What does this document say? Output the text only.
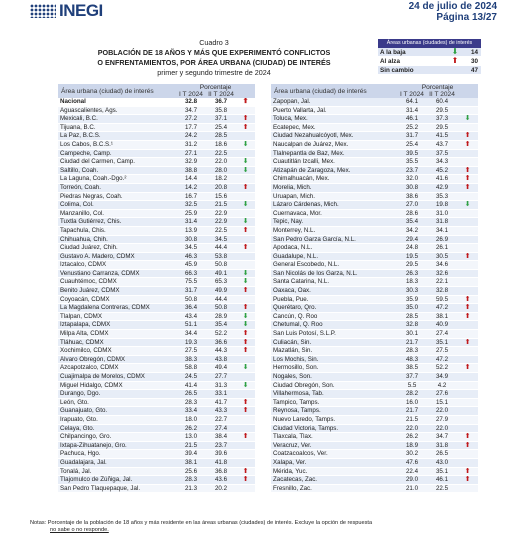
INEGI	24 de julio de 2024
Página 13/27
Cuadro 3
POBLACIÓN DE 18 AÑOS Y MÁS QUE EXPERIMENTÓ CONFLICTOS
O ENFRENTAMIENTOS, POR ÁREA URBANA (CIUDAD) DE INTERÉS
primer y segundo trimestre de 2024
Áreas urbanas (ciudades) de interés
A la baja	⬇	14
Al alza	⬆	30
Sin cambio	47
Área urbana (ciudad) de interés	Porcentaje		
	I T 2024	II T 2024	
Nacional	32.8	36.7	⬆
Aguascalientes, Ags.	34.7	35.8	
Mexicali, B.C.	27.2	37.1	⬆
Tijuana, B.C.	17.7	25.4	⬆
La Paz, B.C.S.	24.2	28.5	
Los Cabos, B.C.S.¹	31.2	18.6	⬇
Campeche, Camp.	27.1	22.5	
Ciudad del Carmen, Camp.	32.9	22.0	⬇
Saltillo, Coah.	38.8	28.0	⬇
La Laguna, Coah.-Dgo.²	14.4	18.2	
Torreón, Coah.	14.2	20.8	⬆
Piedras Negras, Coah.	16.7	15.6	
Colima, Col.	32.5	21.5	⬇
Manzanillo, Col.	25.9	22.9	
Tuxtla Gutiérrez, Chis.	31.4	22.9	⬇
Tapachula, Chis.	13.9	22.5	⬆
Chihuahua, Chih.	30.8	34.5	
Ciudad Juárez, Chih.	34.5	44.4	⬆
Gustavo A. Madero, CDMX	46.3	53.8	
Iztacalco, CDMX	45.9	50.8	
Venustiano Carranza, CDMX	66.3	49.1	⬇
Cuauhtémoc, CDMX	75.5	65.3	⬇
Benito Juárez, CDMX	31.7	49.9	⬆
Coyoacán, CDMX	50.8	44.4	
La Magdalena Contreras, CDMX	36.4	50.8	⬆
Tlalpan, CDMX	43.4	28.9	⬇
Iztapalapa, CDMX	51.1	35.4	⬇
Milpa Alta, CDMX	34.4	52.2	⬆
Tláhuac, CDMX	19.3	36.6	⬆
Xochimilco, CDMX	27.5	44.3	⬆
Álvaro Obregón, CDMX	38.3	43.8	
Azcapotzalco, CDMX	58.8	49.4	⬇
Cuajimalpa de Morelos, CDMX	24.5	27.7	
Miguel Hidalgo, CDMX	41.4	31.3	⬇
Durango, Dgo.	26.5	33.1	
León, Gto.	28.3	41.7	⬆
Guanajuato, Gto.	33.4	43.3	⬆
Irapuato, Gto.	18.0	22.7	
Celaya, Gto.	26.2	27.4	
Chilpancingo, Gro.	13.0	38.4	⬆
Ixtapa-Zihuatanejo, Gro.	21.5	23.7	
Pachuca, Hgo.	39.4	39.6	
Guadalajara, Jal.	38.1	41.8	
Tonalá, Jal.	25.6	36.8	⬆
Tlajomulco de Zúñiga, Jal.	28.3	43.6	⬆
San Pedro Tlaquepaque, Jal.	21.3	20.2	
Área urbana (ciudad) de interés	Porcentaje		
	I T 2024	II T 2024	
Zapopan, Jal.	64.1	60.4	
Puerto Vallarta, Jal.	31.4	29.5	
Toluca, Mex.	46.1	37.3	⬇
Ecatepec, Mex.	25.2	29.5	
Ciudad Nezahualcóyotl, Mex.	31.7	41.5	⬆
Naucalpan de Juárez, Mex.	25.4	43.7	⬆
Tlalnepantla de Baz, Mex.	39.5	37.5	
Cuautitlán Izcalli, Mex.	35.5	34.3	
Atizapán de Zaragoza, Mex.	23.7	45.2	⬆
Chimalhuacán, Mex.	32.0	41.6	⬆
Morelia, Mich.	30.8	42.9	⬆
Uruapan, Mich.	38.6	35.3	
Lázaro Cárdenas, Mich.	27.0	19.8	⬇
Cuernavaca, Mor.	28.6	31.0	
Tepic, Nay.	35.4	31.8	
Monterrey, N.L.	34.2	34.1	
San Pedro Garza García, N.L.	29.4	26.9	
Apodaca, N.L.	24.8	26.1	
Guadalupe, N.L.	19.5	30.5	⬆
General Escobedo, N.L.	29.5	34.6	
San Nicolás de los Garza, N.L.	26.3	32.6	
Santa Catarina, N.L.	18.3	22.1	
Oaxaca, Oax.	30.3	32.8	
Puebla, Pue.	35.9	59.5	⬆
Querétaro, Qro.	35.0	47.2	⬆
Cancún, Q. Roo	28.5	38.1	⬆
Chetumal, Q. Roo	32.8	40.9	
San Luis Potosí, S.L.P.	30.1	27.4	
Culiacán, Sin.	21.7	35.1	⬆
Mazatlán, Sin.	28.3	27.5	
Los Mochis, Sin.	48.3	47.2	
Hermosillo, Son.	38.5	52.2	⬆
Nogales, Son.	37.7	34.9	
Ciudad Obregón, Son.	5.5	4.2	
Villahermosa, Tab.	28.2	27.6	
Tampico, Tamps.	16.0	15.1	
Reynosa, Tamps.	21.7	22.0	
Nuevo Laredo, Tamps.	21.5	27.9	
Ciudad Victoria, Tamps.	22.0	22.0	
Tlaxcala, Tlax.	26.2	34.7	⬆
Veracruz, Ver.	18.9	31.8	⬆
Coatzacoalcos, Ver.	30.2	26.5	
Xalapa, Ver.	47.6	43.0	
Mérida, Yuc.	22.4	35.1	⬆
Zacatecas, Zac.	29.0	46.1	⬆
Fresnillo, Zac.	21.0	22.5	
Notas: Porcentaje de la población de 18 años y más residente en las áreas urbanas (ciudades) de interés. Excluye la opción de respuesta
no sabe o no responde.
